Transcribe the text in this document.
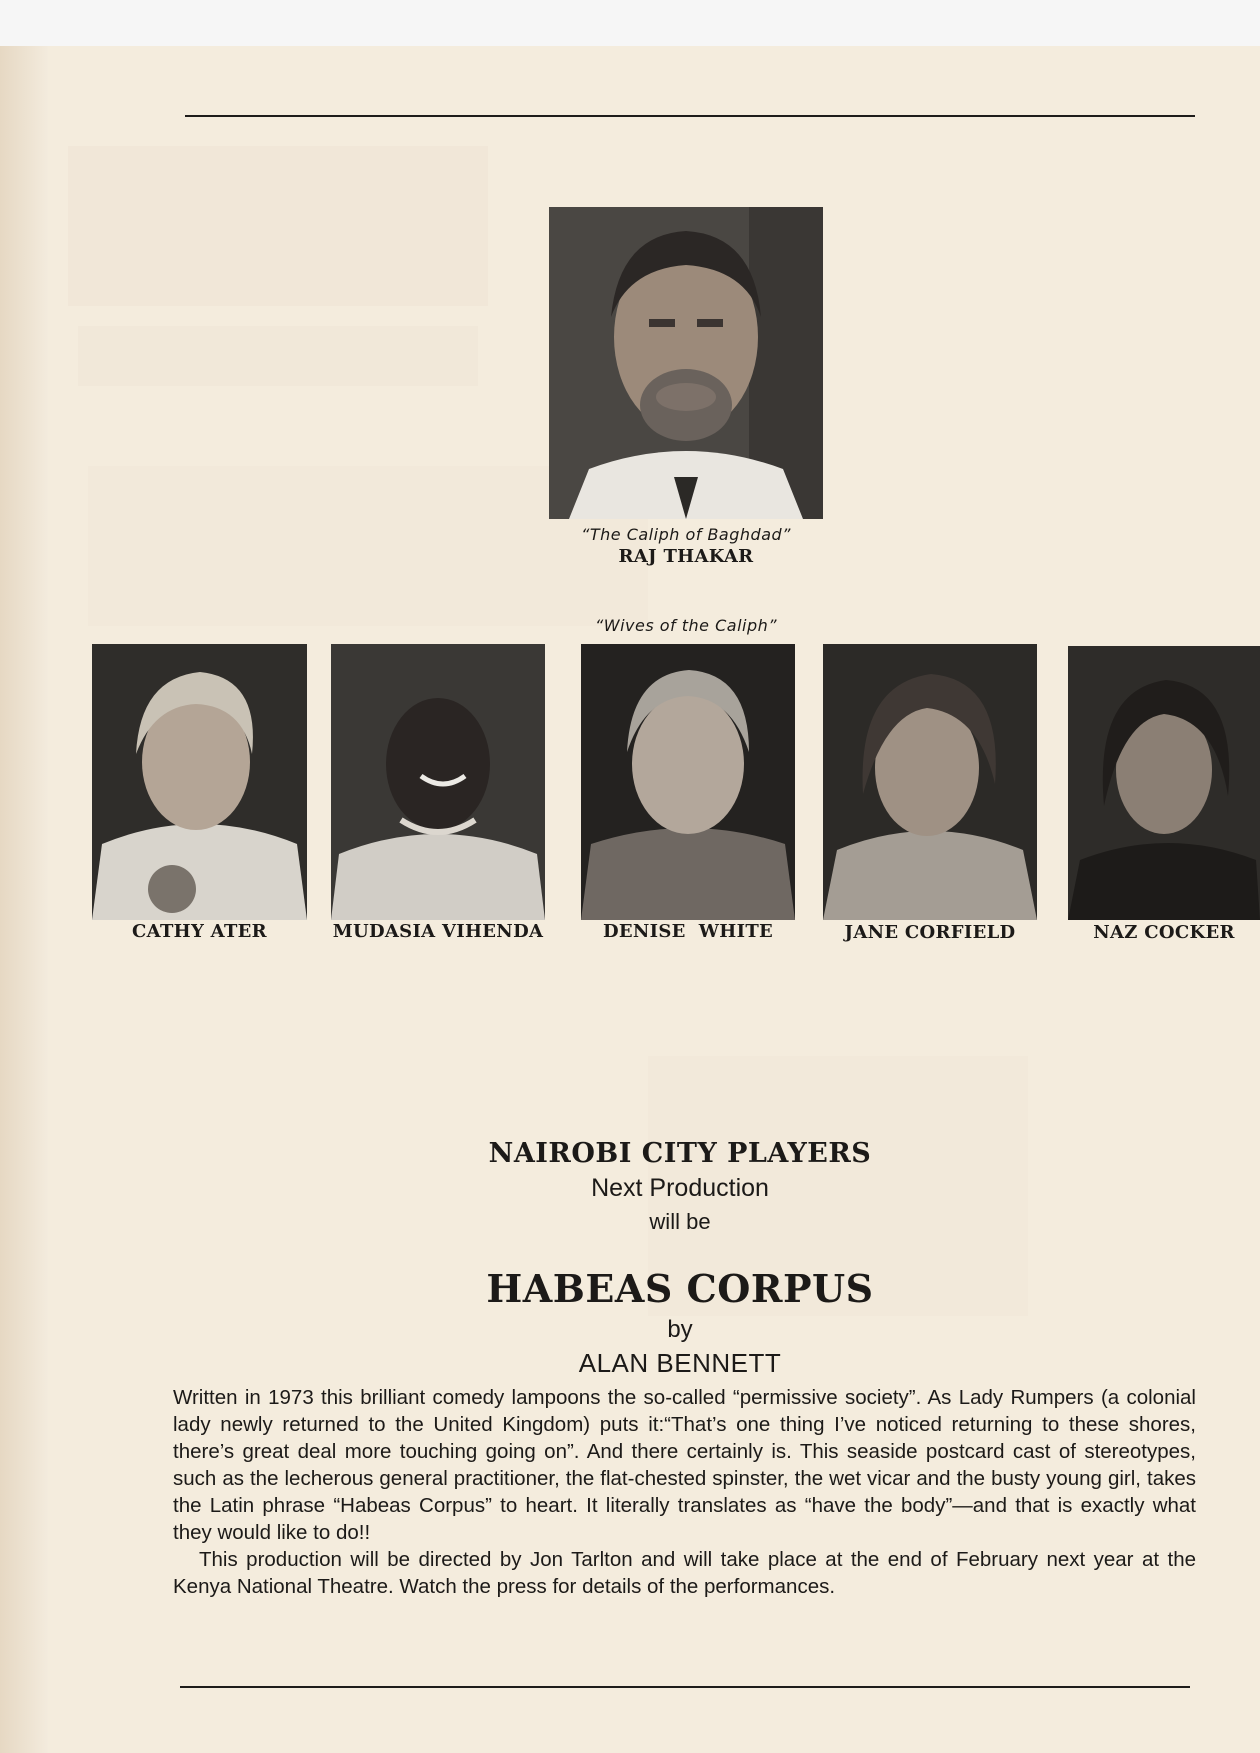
“The Caliph of Baghdad”
RAJ THAKAR
“Wives of the Caliph”
CATHY ATER	MUDASIA VIHENDA	DENISE  WHITE	JANE CORFIELD	NAZ COCKER
NAIROBI CITY PLAYERS
Next Production
will be
HABEAS CORPUS
by
ALAN BENNETT

Written in 1973 this brilliant comedy lampoons the so-called “permissive society”. As Lady Rumpers (a colonial lady newly returned to the United Kingdom) puts it:“That’s one thing I’ve noticed returning to these shores, there’s great deal more touching going on”. And there certainly is. This seaside postcard cast of stereotypes, such as the lecherous general practitioner, the flat-chested spinster, the wet vicar and the busty young girl, takes the Latin phrase “Habeas Corpus” to heart. It literally translates as “have the body”—and that is exactly what they would like to do!!

This production will be directed by Jon Tarlton and will take place at the end of February next year at the Kenya National Theatre. Watch the press for details of the performances.
